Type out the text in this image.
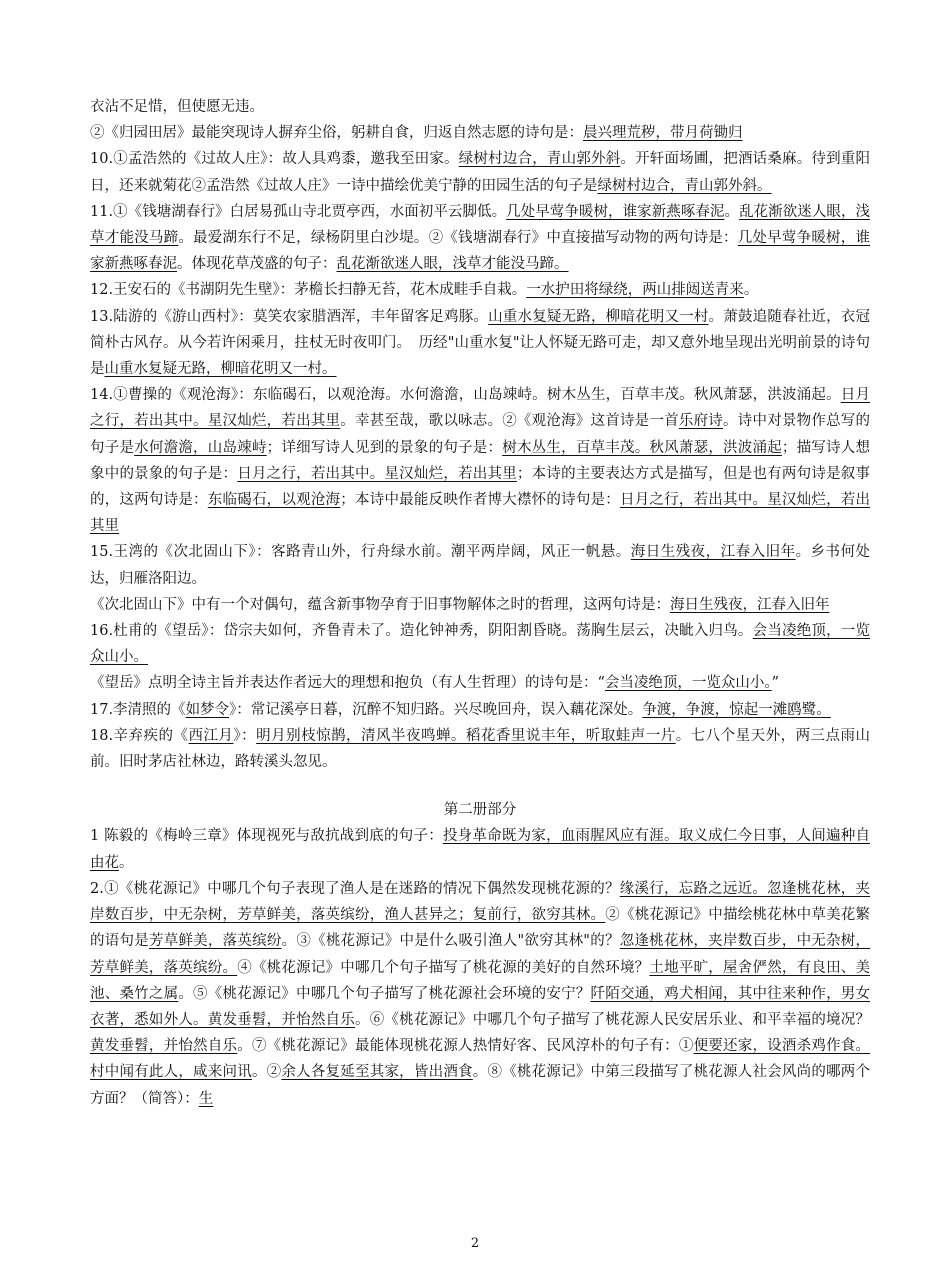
衣沾不足惜，但使愿无违。

②《归园田居》最能突现诗人摒弃尘俗，躬耕自食，归返自然志愿的诗句是：晨兴理荒秽，带月荷锄归

10.①孟浩然的《过故人庄》：故人具鸡黍，邀我至田家。绿树村边合，青山郭外斜。开轩面场圃，把酒话桑麻。待到重阳日，还来就菊花②孟浩然《过故人庄》一诗中描绘优美宁静的田园生活的句子是绿树村边合，青山郭外斜。

11.①《钱塘湖春行》白居易孤山寺北贾亭西，水面初平云脚低。几处早莺争暖树，谁家新燕啄春泥。乱花渐欲迷人眼，浅草才能没马蹄。最爱湖东行不足，绿杨阴里白沙堤。②《钱塘湖春行》中直接描写动物的两句诗是：几处早莺争暖树，谁家新燕啄春泥。体现花草茂盛的句子：乱花渐欲迷人眼，浅草才能没马蹄。

12.王安石的《书湖阴先生壁》：茅檐长扫静无苔，花木成畦手自栽。一水护田将绿绕，两山排闼送青来。

13.陆游的《游山西村》：莫笑农家腊酒浑，丰年留客足鸡豚。山重水复疑无路，柳暗花明又一村。萧鼓追随春社近，衣冠简朴古风存。从今若许闲乘月，拄杖无时夜叩门。　历经"山重水复"让人怀疑无路可走，却又意外地呈现出光明前景的诗句是山重水复疑无路，柳暗花明又一村。

14.①曹操的《观沧海》：东临碣石，以观沧海。水何澹澹，山岛竦峙。树木丛生，百草丰茂。秋风萧瑟，洪波涌起。日月之行，若出其中。星汉灿烂，若出其里。幸甚至哉，歌以咏志。②《观沧海》这首诗是一首乐府诗。诗中对景物作总写的句子是水何澹澹，山岛竦峙；详细写诗人见到的景象的句子是：树木丛生，百草丰茂。秋风萧瑟，洪波涌起；描写诗人想象中的景象的句子是：日月之行，若出其中。星汉灿烂，若出其里；本诗的主要表达方式是描写，但是也有两句诗是叙事的，这两句诗是：东临碣石，以观沧海；本诗中最能反映作者博大襟怀的诗句是：日月之行，若出其中。星汉灿烂，若出其里

15.王湾的《次北固山下》：客路青山外，行舟绿水前。潮平两岸阔，风正一帆悬。海日生残夜，江春入旧年。乡书何处达，归雁洛阳边。

《次北固山下》中有一个对偶句，蕴含新事物孕育于旧事物解体之时的哲理，这两句诗是：海日生残夜，江春入旧年

16.杜甫的《望岳》：岱宗夫如何，齐鲁青未了。造化钟神秀，阴阳割昏晓。荡胸生层云，决眦入归鸟。会当凌绝顶，一览众山小。

《望岳》点明全诗主旨并表达作者远大的理想和抱负（有人生哲理）的诗句是：“会当凌绝顶，一览众山小。”

17.李清照的《如梦令》：常记溪亭日暮，沉醉不知归路。兴尽晚回舟，误入藕花深处。争渡，争渡，惊起一滩鸥鹭。

18.辛弃疾的《西江月》：明月别枝惊鹊，清风半夜鸣蝉。稻花香里说丰年，听取蛙声一片。七八个星天外，两三点雨山前。旧时茅店社林边，路转溪头忽见。

第二册部分

1 陈毅的《梅岭三章》体现视死与敌抗战到底的句子：投身革命既为家，血雨腥风应有涯。取义成仁今日事，人间遍种自由花。

2.①《桃花源记》中哪几个句子表现了渔人是在迷路的情况下偶然发现桃花源的？缘溪行，忘路之远近。忽逢桃花林，夹岸数百步，中无杂树，芳草鲜美，落英缤纷，渔人甚异之；复前行，欲穷其林。②《桃花源记》中描绘桃花林中草美花繁的语句是芳草鲜美，落英缤纷。③《桃花源记》中是什么吸引渔人"欲穷其林"的？忽逢桃花林，夹岸数百步，中无杂树，芳草鲜美，落英缤纷。④《桃花源记》中哪几个句子描写了桃花源的美好的自然环境？土地平旷，屋舍俨然，有良田、美池、桑竹之属。⑤《桃花源记》中哪几个句子描写了桃花源社会环境的安宁？阡陌交通，鸡犬相闻，其中往来种作，男女衣著，悉如外人。黄发垂髫，并怡然自乐。⑥《桃花源记》中哪几个句子描写了桃花源人民安居乐业、和平幸福的境况？黄发垂髫，并怡然自乐。⑦《桃花源记》最能体现桃花源人热情好客、民风淳朴的句子有：①便要还家，设酒杀鸡作食。村中闻有此人，咸来问讯。②余人各复延至其家，皆出酒食。⑧《桃花源记》中第三段描写了桃花源人社会风尚的哪两个方面？（简答）：生

2
